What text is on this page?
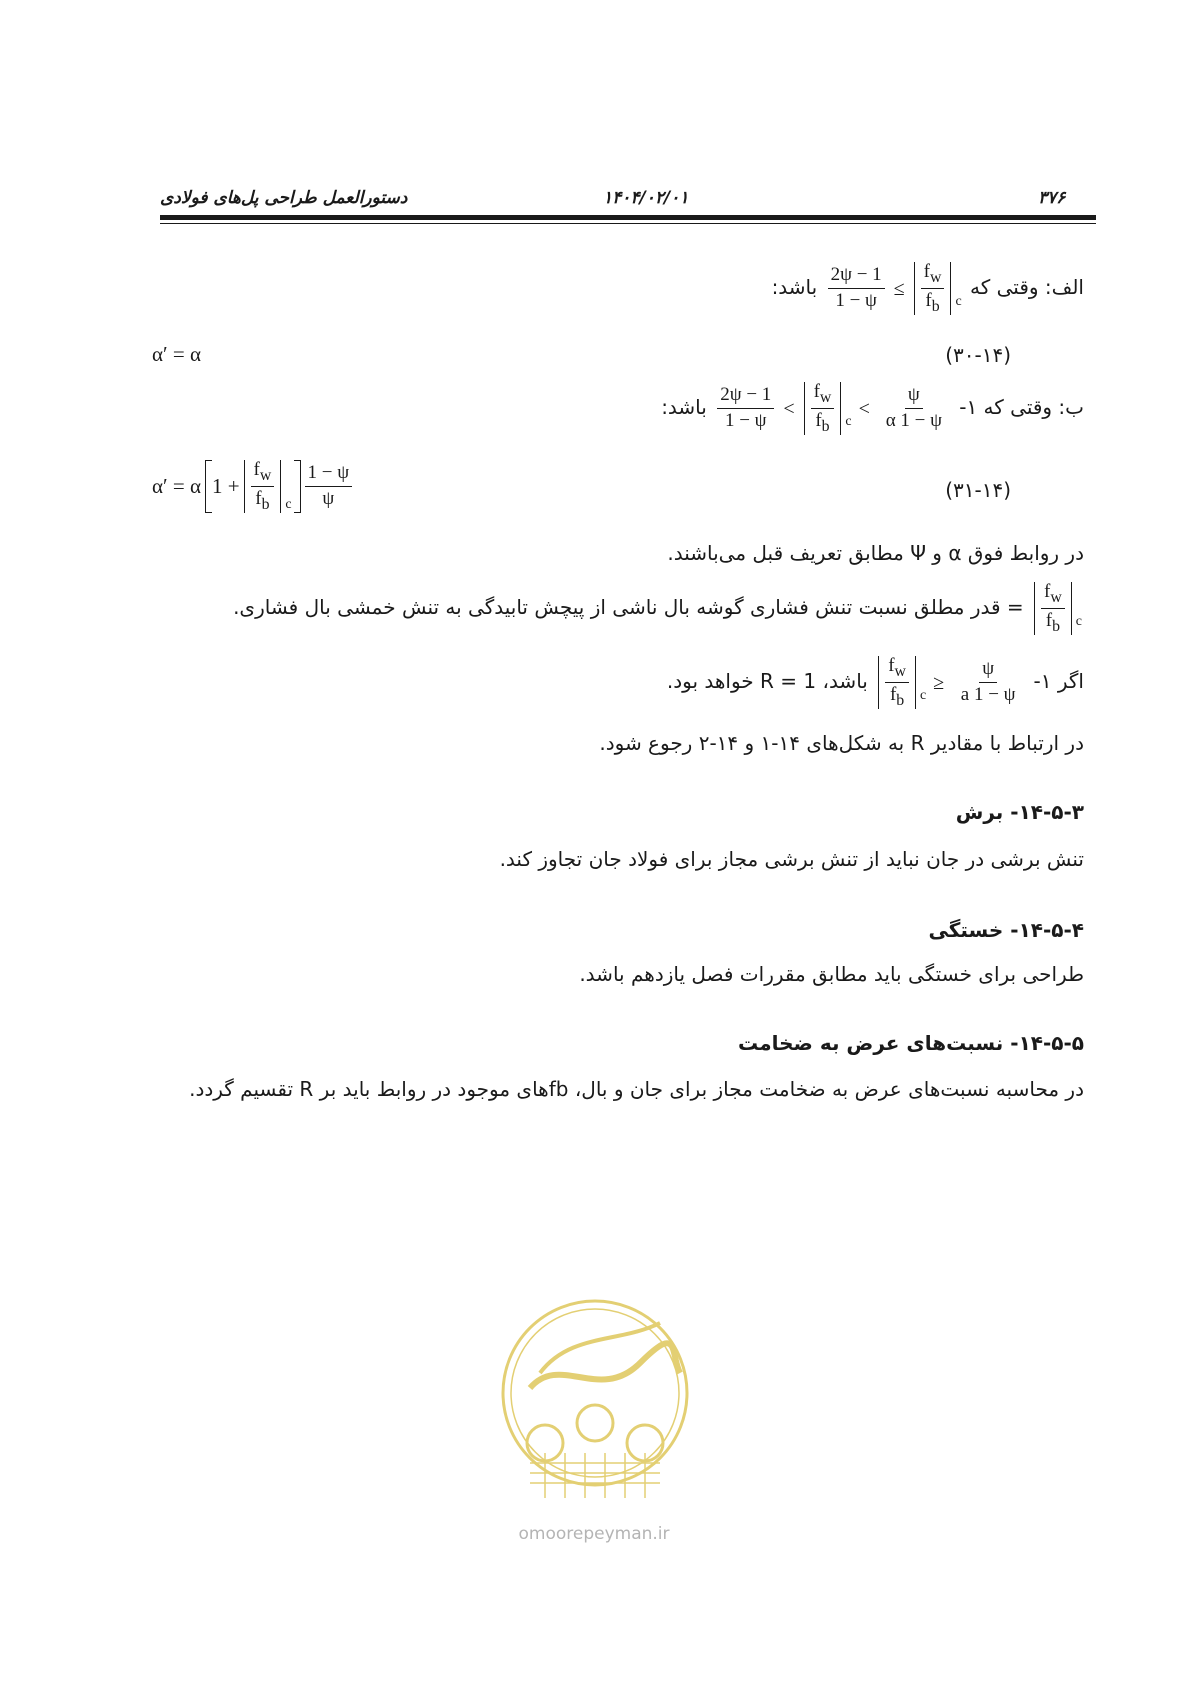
دستورالعمل طراحی پل‌های فولادی	۱۴۰۴/۰۲/۰۱	۳۷۶
الف: وقتی که
$\frac{2\psi - 1}{1 - \psi} \le \frac{f_w}{f_b}$ c
باشد:
α′ = α	(۳۰-۱۴)
ب: وقتی که ۱-
$\frac{2\psi - 1}{1 - \psi} < \frac{f_w}{f_b}$ c
< $\frac{\psi}{\alpha 1 - \psi}$
باشد:
α′ = α $1 + \frac{f_w}{f_b}$ c $\frac{1 - \psi}{\psi}$	(۳۱-۱۴)
در روابط فوق α و Ψ مطابق تعریف قبل می‌باشند.
$\frac{f_w}{f_b}$ c
= قدر مطلق نسبت تنش فشاری گوشه بال ناشی از پیچش تابیدگی به تنش خمشی بال فشاری.
اگر ۱-
$\frac{f_w}{f_b}$ c
≥ $\frac{\psi}{a 1 - \psi}$
باشد، R = 1 خواهد بود.
در ارتباط با مقادیر R به شکل‌های ۱۴-۱ و ۱۴-۲ رجوع شود.
۱۴-۵-۳- برش
تنش برشی در جان نباید از تنش برشی مجاز برای فولاد جان تجاوز کند.
۱۴-۵-۴- خستگی
طراحی برای خستگی باید مطابق مقررات فصل یازدهم باشد.
۱۴-۵-۵- نسبت‌های عرض به ضخامت
در محاسبه نسبت‌های عرض به ضخامت مجاز برای جان و بال، fbهای موجود در روابط باید بر R تقسیم گردد.
omoorepeyman.ir
